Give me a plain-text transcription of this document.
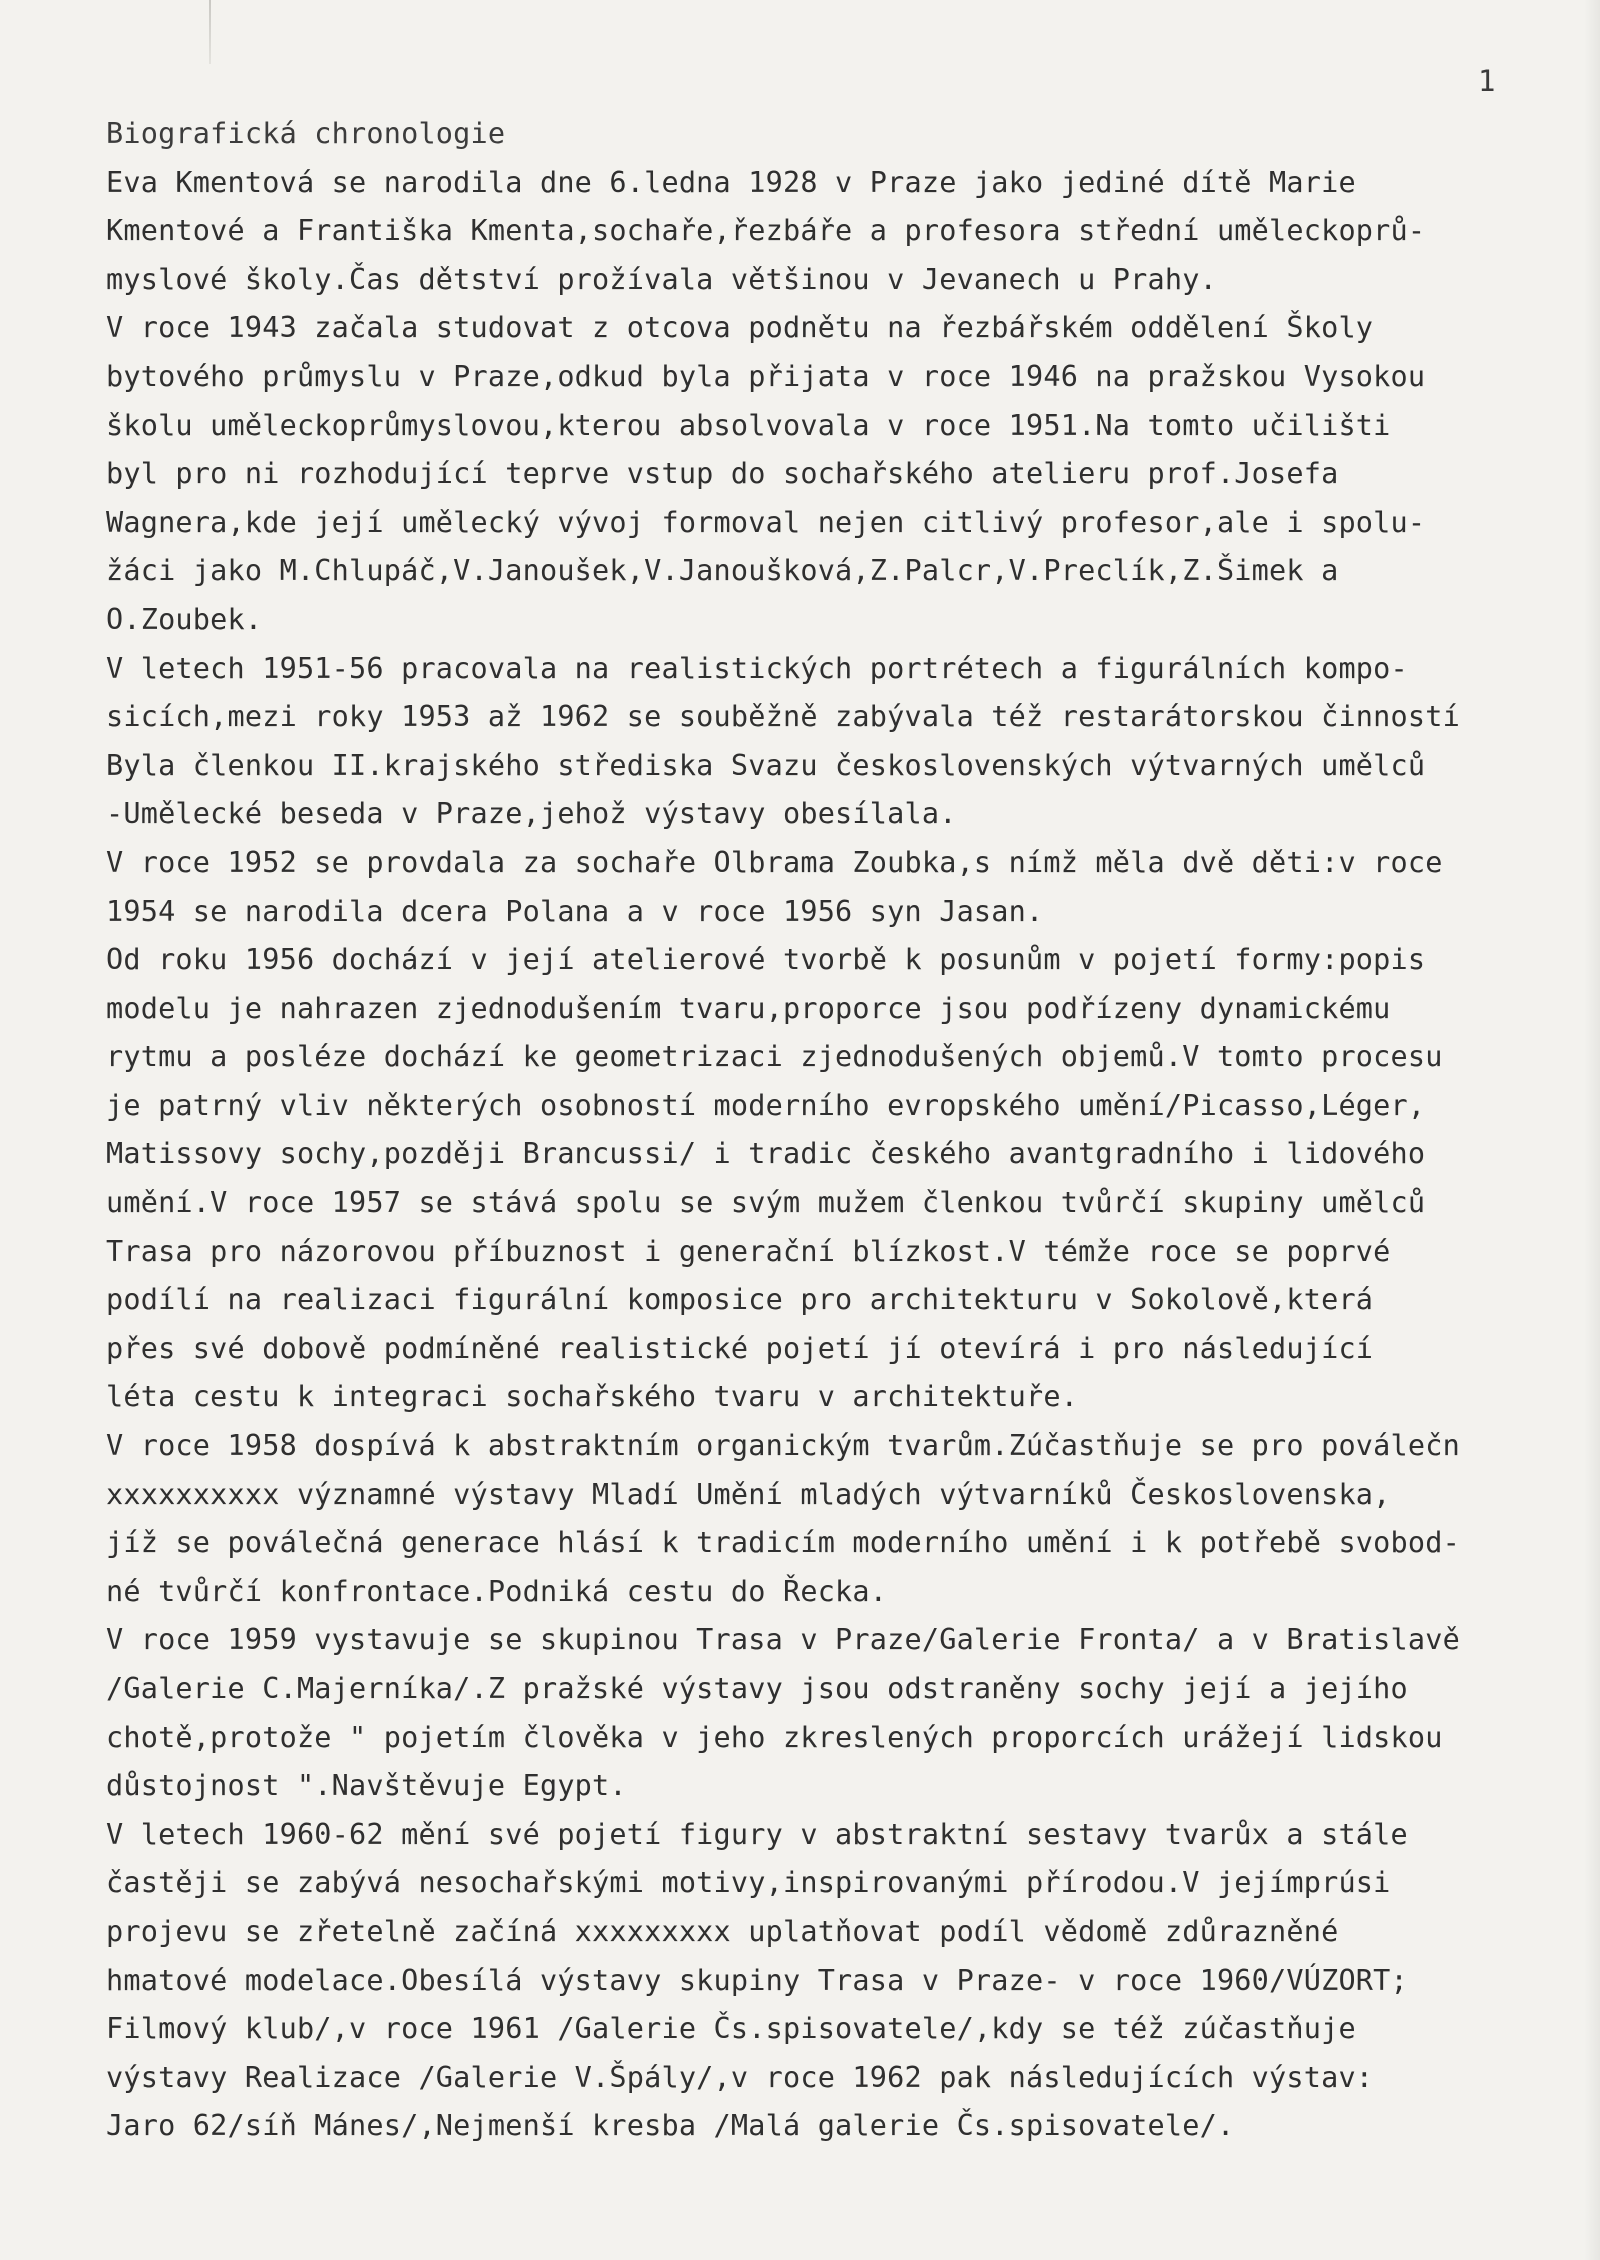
1
Biografická chronologie
Eva Kmentová se narodila dne 6.ledna 1928 v Praze jako jediné dítě Marie
Kmentové a Františka Kmenta,sochaře,řezbáře a profesora střední uměleckoprů-
myslové školy.Čas dětství prožívala většinou v Jevanech u Prahy.
V roce 1943 začala studovat z otcova podnětu na řezbářském oddělení Školy
bytového průmyslu v Praze,odkud byla přijata v roce 1946 na pražskou Vysokou
školu uměleckoprůmyslovou,kterou absolvovala v roce 1951.Na tomto učilišti
byl pro ni rozhodující teprve vstup do sochařského atelieru prof.Josefa
Wagnera,kde její umělecký vývoj formoval nejen citlivý profesor,ale i spolu-
žáci jako M.Chlupáč,V.Janoušek,V.Janoušková,Z.Palcr,V.Preclík,Z.Šimek a
O.Zoubek.
V letech 1951-56 pracovala na realistických portrétech a figurálních kompo-
sicích,mezi roky 1953 až 1962 se souběžně zabývala též restarátorskou činností
Byla členkou II.krajského střediska Svazu československých výtvarných umělců
-Umělecké beseda v Praze,jehož výstavy obesílala.
V roce 1952 se provdala za sochaře Olbrama Zoubka,s nímž měla dvě děti:v roce
1954 se narodila dcera Polana a v roce 1956 syn Jasan.
Od roku 1956 dochází v její atelierové tvorbě k posunům v pojetí formy:popis
modelu je nahrazen zjednodušením tvaru,proporce jsou podřízeny dynamickému
rytmu a posléze dochází ke geometrizaci zjednodušených objemů.V tomto procesu
je patrný vliv některých osobností moderního evropského umění/Picasso,Léger,
Matissovy sochy,později Brancussi/ i tradic českého avantgradního i lidového
umění.V roce 1957 se stává spolu se svým mužem členkou tvůrčí skupiny umělců
Trasa pro názorovou příbuznost i generační blízkost.V témže roce se poprvé
podílí na realizaci figurální komposice pro architekturu v Sokolově,která
přes své dobově podmíněné realistické pojetí jí otevírá i pro následující
léta cestu k integraci sochařského tvaru v architektuře.
V roce 1958 dospívá k abstraktním organickým tvarům.Zúčastňuje se pro poválečn
xxxxxxxxxx významné výstavy Mladí Umění mladých výtvarníků Československa,
jíž se poválečná generace hlásí k tradicím moderního umění i k potřebě svobod-
né tvůrčí konfrontace.Podniká cestu do Řecka.
V roce 1959 vystavuje se skupinou Trasa v Praze/Galerie Fronta/ a v Bratislavě
/Galerie C.Majerníka/.Z pražské výstavy jsou odstraněny sochy její a jejího
chotě,protože " pojetím člověka v jeho zkreslených proporcích urážejí lidskou
důstojnost ".Navštěvuje Egypt.
V letech 1960-62 mění své pojetí figury v abstraktní sestavy tvarůx a stále
častěji se zabývá nesochařskými motivy,inspirovanými přírodou.V jejímprúsi
projevu se zřetelně začíná xxxxxxxxx uplatňovat podíl vědomě zdůrazněné
hmatové modelace.Obesílá výstavy skupiny Trasa v Praze- v roce 1960/VÚZORT;
Filmový klub/,v roce 1961 /Galerie Čs.spisovatele/,kdy se též zúčastňuje
výstavy Realizace /Galerie V.Špály/,v roce 1962 pak následujících výstav:
Jaro 62/síň Mánes/,Nejmenší kresba /Malá galerie Čs.spisovatele/.
